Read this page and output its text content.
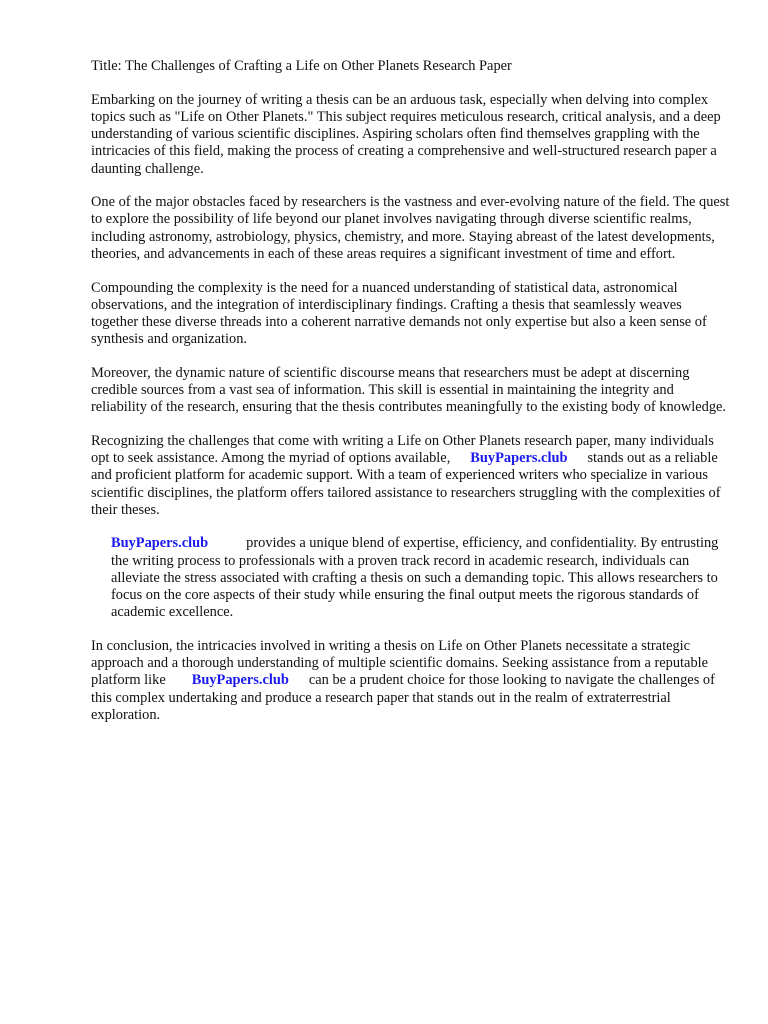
Title: The Challenges of Crafting a Life on Other Planets Research Paper

Embarking on the journey of writing a thesis can be an arduous task, especially when delving into complex topics such as "Life on Other Planets." This subject requires meticulous research, critical analysis, and a deep understanding of various scientific disciplines. Aspiring scholars often find themselves grappling with the intricacies of this field, making the process of creating a comprehensive and well-structured research paper a daunting challenge.

One of the major obstacles faced by researchers is the vastness and ever-evolving nature of the field. The quest to explore the possibility of life beyond our planet involves navigating through diverse scientific realms, including astronomy, astrobiology, physics, chemistry, and more. Staying abreast of the latest developments, theories, and advancements in each of these areas requires a significant investment of time and effort.

Compounding the complexity is the need for a nuanced understanding of statistical data, astronomical observations, and the integration of interdisciplinary findings. Crafting a thesis that seamlessly weaves together these diverse threads into a coherent narrative demands not only expertise but also a keen sense of synthesis and organization.

Moreover, the dynamic nature of scientific discourse means that researchers must be adept at discerning credible sources from a vast sea of information. This skill is essential in maintaining the integrity and reliability of the research, ensuring that the thesis contributes meaningfully to the existing body of knowledge.

Recognizing the challenges that come with writing a Life on Other Planets research paper, many individuals opt to seek assistance. Among the myriad of options available, BuyPapers.club stands out as a reliable and proficient platform for academic support. With a team of experienced writers who specialize in various scientific disciplines, the platform offers tailored assistance to researchers struggling with the complexities of their theses.

BuyPapers.club	provides a unique blend of expertise, efficiency, and confidentiality. By entrusting the writing process to professionals with a proven track record in academic research, individuals can alleviate the stress associated with crafting a thesis on such a demanding topic. This allows researchers to focus on the core aspects of their study while ensuring the final output meets the rigorous standards of academic excellence.

In conclusion, the intricacies involved in writing a thesis on Life on Other Planets necessitate a strategic approach and a thorough understanding of multiple scientific domains. Seeking assistance from a reputable platform like BuyPapers.club can be a prudent choice for those looking to navigate the challenges of this complex undertaking and produce a research paper that stands out in the realm of extraterrestrial exploration.
